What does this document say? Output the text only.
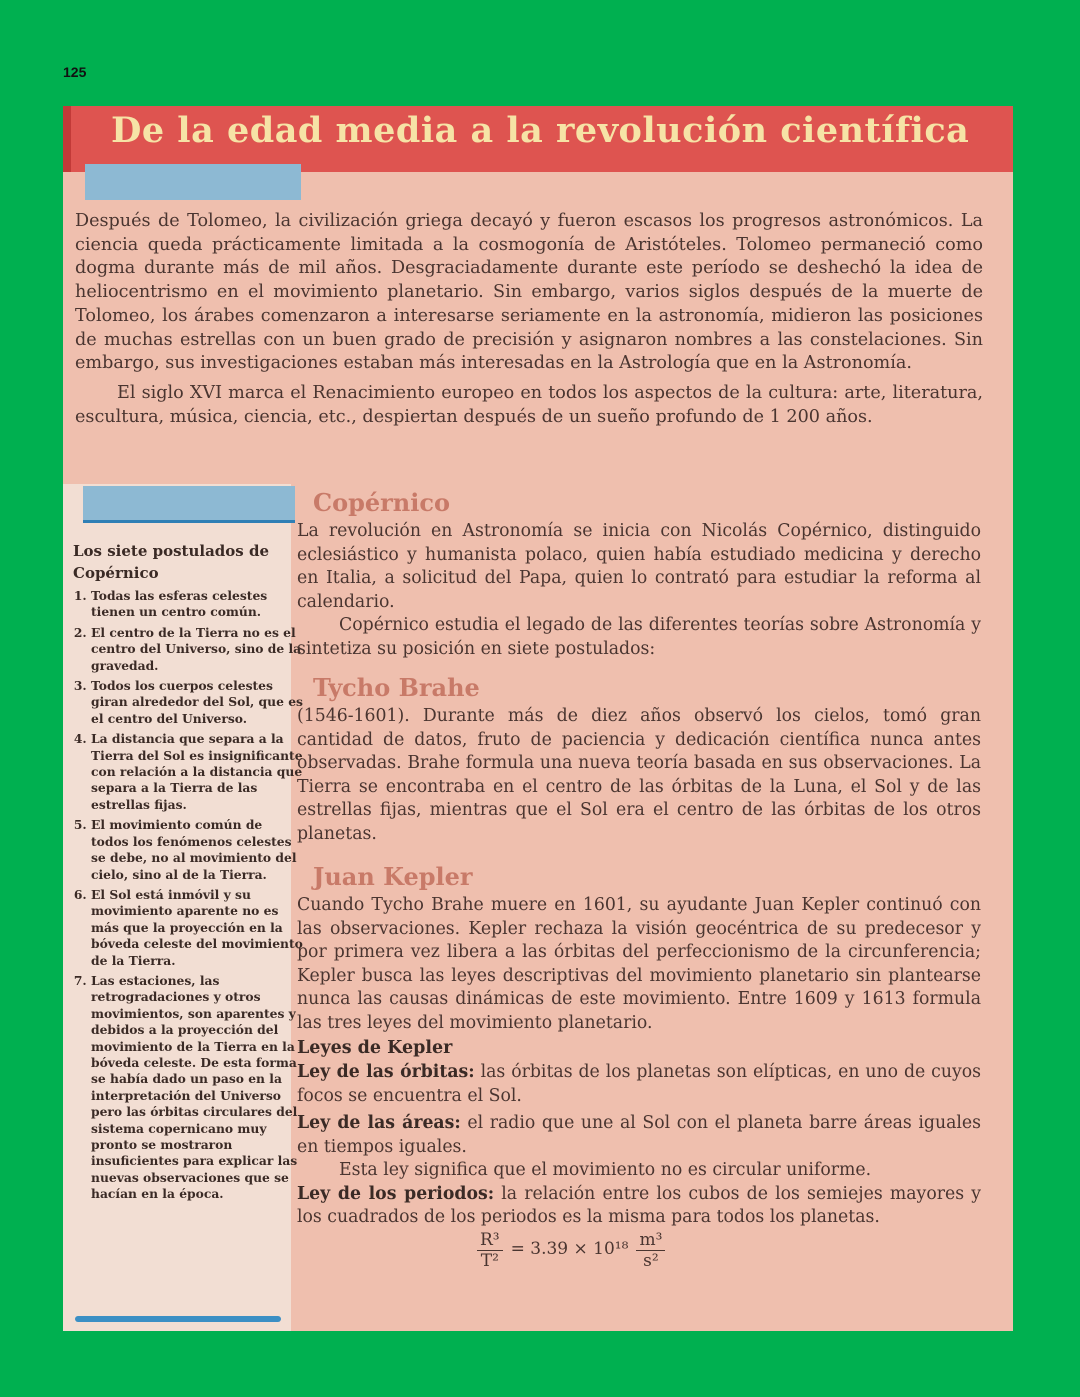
125
De la edad media a la revolución científica

Después de Tolomeo, la civilización griega decayó y fueron escasos los progresos astronómicos. La ciencia queda prácticamente limitada a la cosmogonía de Aristóteles. Tolomeo permaneció como dogma durante más de mil años. Desgraciadamente durante este período se deshechó la idea de heliocentrismo en el movimiento planetario. Sin embargo, varios siglos después de la muerte de Tolomeo, los árabes comenzaron a interesarse seriamente en la astronomía, midieron las posiciones de muchas estrellas con un buen grado de precisión y asignaron nombres a las constelaciones. Sin embargo, sus investigaciones estaban más interesadas en la Astrología que en la Astronomía.

El siglo XVI marca el Renacimiento europeo en todos los aspectos de la cultura: arte, literatura, escultura, música, ciencia, etc., despiertan después de un sueño profundo de 1 200 años.

Los siete postulados de Copérnico
1. Todas las esferas celestes tienen un centro común.
2. El centro de la Tierra no es el centro del Universo, sino de la gravedad.
3. Todos los cuerpos celestes giran alrededor del Sol, que es el centro del Universo.
4. La distancia que separa a la Tierra del Sol es insignificante con relación a la distancia que separa a la Tierra de las estrellas fijas.
5. El movimiento común de todos los fenómenos celestes se debe, no al movimiento del cielo, sino al de la Tierra.
6. El Sol está inmóvil y su movimiento aparente no es más que la proyección en la bóveda celeste del movimiento de la Tierra.
7. Las estaciones, las retrogradaciones y otros movimientos, son aparentes y debidos a la proyección del movimiento de la Tierra en la bóveda celeste. De esta forma se había dado un paso en la interpretación del Universo pero las órbitas circulares del sistema copernicano muy pronto se mostraron insuficientes para explicar las nuevas observaciones que se hacían en la época.
Copérnico

La revolución en Astronomía se inicia con Nicolás Copérnico, distinguido eclesiástico y humanista polaco, quien había estudiado medicina y derecho en Italia, a solicitud del Papa, quien lo contrató para estudiar la reforma al calendario.

Copérnico estudia el legado de las diferentes teorías sobre Astronomía y sintetiza su posición en siete postulados:

Tycho Brahe

(1546-1601). Durante más de diez años observó los cielos, tomó gran cantidad de datos, fruto de paciencia y dedicación científica nunca antes observadas. Brahe formula una nueva teoría basada en sus observaciones. La Tierra se encontraba en el centro de las órbitas de la Luna, el Sol y de las estrellas fijas, mientras que el Sol era el centro de las órbitas de los otros planetas.

Juan Kepler

Cuando Tycho Brahe muere en 1601, su ayudante Juan Kepler continuó con las observaciones. Kepler rechaza la visión geocéntrica de su predecesor y por primera vez libera a las órbitas del perfeccionismo de la circunferencia; Kepler busca las leyes descriptivas del movimiento planetario sin plantearse nunca las causas dinámicas de este movimiento. Entre 1609 y 1613 formula las tres leyes del movimiento planetario.

Leyes de Kepler

Ley de las órbitas: las órbitas de los planetas son elípticas, en uno de cuyos focos se encuentra el Sol.

Ley de las áreas: el radio que une al Sol con el planeta barre áreas iguales en tiempos iguales.

Esta ley significa que el movimiento no es circular uniforme.

Ley de los periodos: la relación entre los cubos de los semiejes mayores y los cuadrados de los periodos es la misma para todos los planetas.

$\frac{\text{R³}}{\text{T²}} = 3.39 \times 10^{18} \frac{\text{m³}}{\text{s²}}$
